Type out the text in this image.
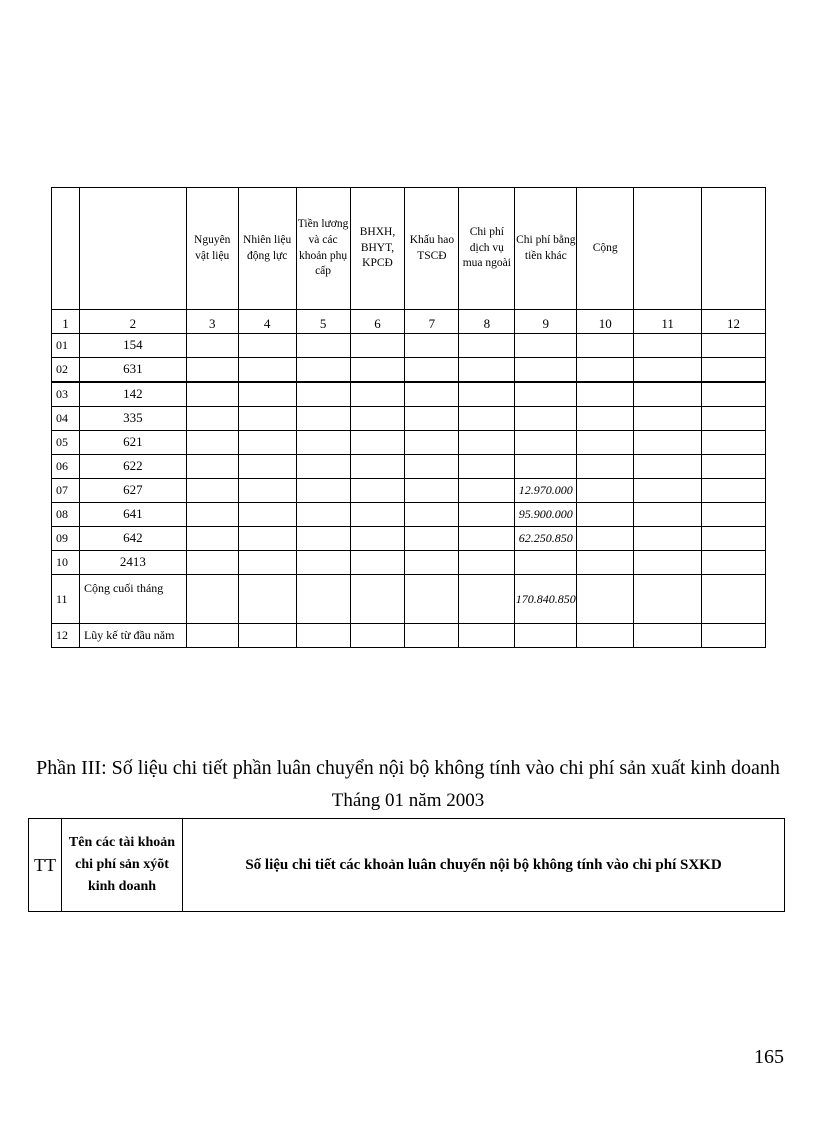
		Nguyên vật liệu	Nhiên liệu động lực	Tiền lương và các khoản phụ cấp	BHXH, BHYT, KPCĐ	Khấu hao TSCĐ	Chi phí dịch vụ mua ngoài	Chi phí bằng tiền khác	Cộng		
1	2	3	4	5	6	7	8	9	10	11	12
01	154										
02	631										
03	142										
04	335										
05	621										
06	622										
07	627							12.970.000			
08	641							95.900.000			
09	642							62.250.850			
10	2413										
11	Cộng cuối tháng							170.840.850			
12	Lũy kế từ đầu năm										
Phần III: Số liệu chi tiết phần luân chuyển nội bộ không tính vào chi phí sản xuất kinh doanh
Tháng 01 năm 2003
TT	Tên các tài khoản chi phí sản xýõt kinh doanh	Số liệu chi tiết các khoản luân chuyển nội bộ không tính vào chi phí SXKD
165
